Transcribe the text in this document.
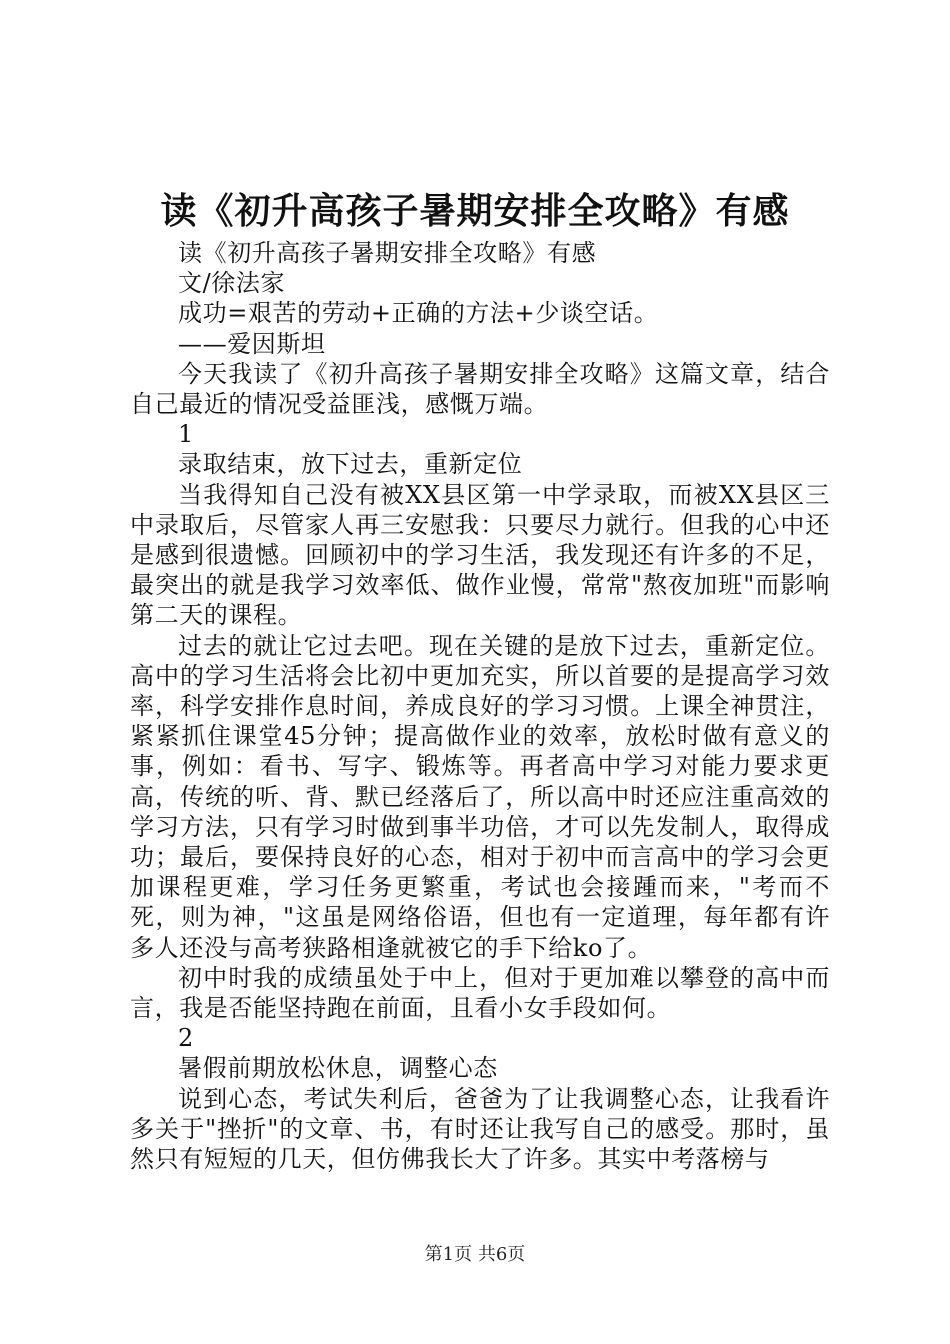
读《初升高孩子暑期安排全攻略》有感

读《初升高孩子暑期安排全攻略》有感

文/徐法家

成功=艰苦的劳动+正确的方法+少谈空话。

——爱因斯坦

今天我读了《初升高孩子暑期安排全攻略》这篇文章，结合自己最近的情况受益匪浅，感慨万端。

1

录取结束，放下过去，重新定位

当我得知自己没有被XX县区第一中学录取，而被XX县区三中录取后，尽管家人再三安慰我：只要尽力就行。但我的心中还是感到很遗憾。回顾初中的学习生活，我发现还有许多的不足，最突出的就是我学习效率低、做作业慢，常常"熬夜加班"而影响第二天的课程。

过去的就让它过去吧。现在关键的是放下过去，重新定位。高中的学习生活将会比初中更加充实，所以首要的是提高学习效率，科学安排作息时间，养成良好的学习习惯。上课全神贯注，紧紧抓住课堂45分钟；提高做作业的效率，放松时做有意义的事，例如：看书、写字、锻炼等。再者高中学习对能力要求更高，传统的听、背、默已经落后了，所以高中时还应注重高效的学习方法，只有学习时做到事半功倍，才可以先发制人，取得成功；最后，要保持良好的心态，相对于初中而言高中的学习会更加课程更难，学习任务更繁重，考试也会接踵而来，"考而不死，则为神，"这虽是网络俗语，但也有一定道理，每年都有许多人还没与高考狭路相逢就被它的手下给ko了。

初中时我的成绩虽处于中上，但对于更加难以攀登的高中而言，我是否能坚持跑在前面，且看小女手段如何。

2

暑假前期放松休息，调整心态

说到心态，考试失利后，爸爸为了让我调整心态，让我看许多关于"挫折"的文章、书，有时还让我写自己的感受。那时，虽然只有短短的几天，但仿佛我长大了许多。其实中考落榜与

第1页 共6页
